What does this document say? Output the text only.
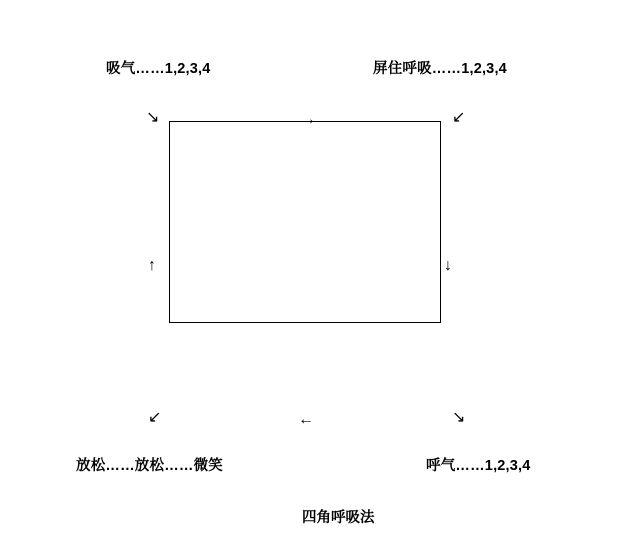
吸气……1,2,3,4	屏住呼吸……1,2,3,4
↘	→	↙
↑	↓
↙	←	↘
放松……放松……微笑	呼气……1,2,3,4
四角呼吸法
